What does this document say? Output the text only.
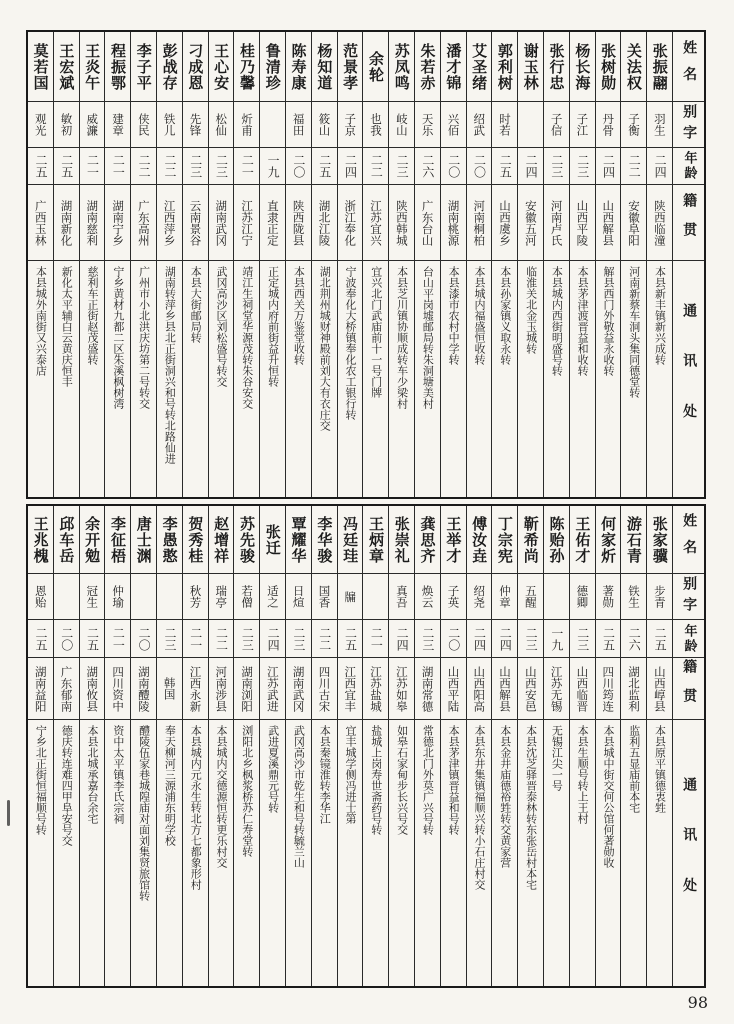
姓名
别字
年龄
籍贯
通讯处
张振翮
羽生
二四
陕西临潼
本县新丰镇新兴成转
关法权
子衡
二二
安徽阜阳
河南新蔡车洞头集同德堂转
张树勋
丹骨
二四
山西解县
解县西门外敬益永收转
杨长海
子江
二三
山西平陵
本县茅津渡晋益和收转
张行忠
子信
二三
河南卢氏
本县城内西街明盛号转
谢玉林
二四
安徽五河
临淮关北金玉城转
郭利树
时若
二五
山西虞乡
本县孙家镇义取永转
艾圣绪
绍武
二〇
河南桐柏
本县城内福盛恒收转
潘才锦
兴佰
二〇
湖南桃源
本县漆市农村中学转
朱若赤
天乐
二六
广东台山
台山平岗墟邮局转朱洞塘美村
苏凤鸣
岐山
二三
陕西韩城
本县芝川镇协顺成转车少梁村
余轮
也我
二二
江苏宜兴
宜兴北门武庙前十一号门牌
范景孝
子京
二四
浙江奉化
宁波奉化大桥镇奉化农工银行转
杨知道
筱山
二五
湖北江陵
湖北荆州城财神殿前刘大有衣庄交
陈寿康
福田
二〇
陕西陇县
本县西关万鉴堂收转
鲁清珍
一九
直隶正定
正定城内府前街益升恒转
桂乃馨
炘甫
二一
江苏江宁
靖江生祠堂华源茂转朱谷安交
王心安
松仙
二三
湖南武冈
武冈高沙区刘松盛号转交
刁成恩
先锋
二三
云南景谷
本县大街邮局转
彭战存
铁儿
二二
江西萍乡
湖南转萍乡县北正街洞兴和号转北路仙进
李子平
侠民
二二
广东高州
广州市小北洪庆坊第二号转交
程振鄂
建章
二一
湖南宁乡
宁乡黄材九都二区朱溪枫树湾
王炎午
威濂
二一
湖南慈利
慈利车正街赵茂盛转
王宏斌
敏初
二五
湖南新化
新化太平辅白云黄庆恒丰
莫若国
观光
二五
广西玉林
本县城外南街又兴泰店
姓名
别字
年龄
籍贯
通讯处
张家骥
步青
二五
山西崞县
本县原平镇德衷甡
游石青
铁生
二六
湖北监利
监利五显庙前本宅
何家炘
著勋
二五
四川筠连
本县城中街交何公馆何著勋收
王佑才
德卿
二三
山西临晋
本县生顺号转上王村
陈贻孙
一九
江苏无锡
无锡江尖一号
靳希尚
五醒
二三
山西安邑
本县沈芝驿晋泰林转东张岳村本宅
丁宗宪
仲章
二四
山西解县
本县金井庙德裕甡转交黄家营
傅汝垚
绍尧
二四
山西阳高
本县东井集镇福顺兴转小石庄村交
王举才
子英
二〇
山西平陆
本县茅津镇晋益和号转
龚思齐
焕云
二三
湖南常德
常德北门外莫广兴号转
张崇礼
真吾
二四
江苏如皋
如皋石家甸步长兴号交
王炳章
二一
江苏盐城
盐城上岗寿世斋药号转
冯廷珪
牖
二五
江西宜丰
宜丰城学侧冯进士第
李华骏
国香
二二
四川古宋
本县秦镜淮转李华江
覃耀华
日煊
二三
湖南武冈
武冈高沙市乾生和号转毓兰山
张迁
适之
二四
江苏武进
武进夏溪鼎元号转
苏先骏
若僧
二三
湖南浏阳
浏阳北乡枫浆桥苏仁寿堂转
赵增祥
瑞亭
二二
河南涉县
本县城内交德源恒转更乐村交
贺秀桂
秋芳
二一
江西永新
本县城内元永生转北方七都象形村
李愚憨
二三
韩国
奉天柳河三源浦东明学校
唐士渊
二〇
湖南醴陵
醴陵伍家巷城隍庙对面刘集贤旅馆转
李征梧
仲瑜
二一
四川资中
资中太平镇李氏宗祠
余开勉
冠生
二五
湖南攸县
本县北城承嘉台余宅
邱车岳
二〇
广东郁南
德庆转连难四甲阜安号交
王兆槐
恩贻
二五
湖南益阳
宁乡北正街恒福顺号转
98
